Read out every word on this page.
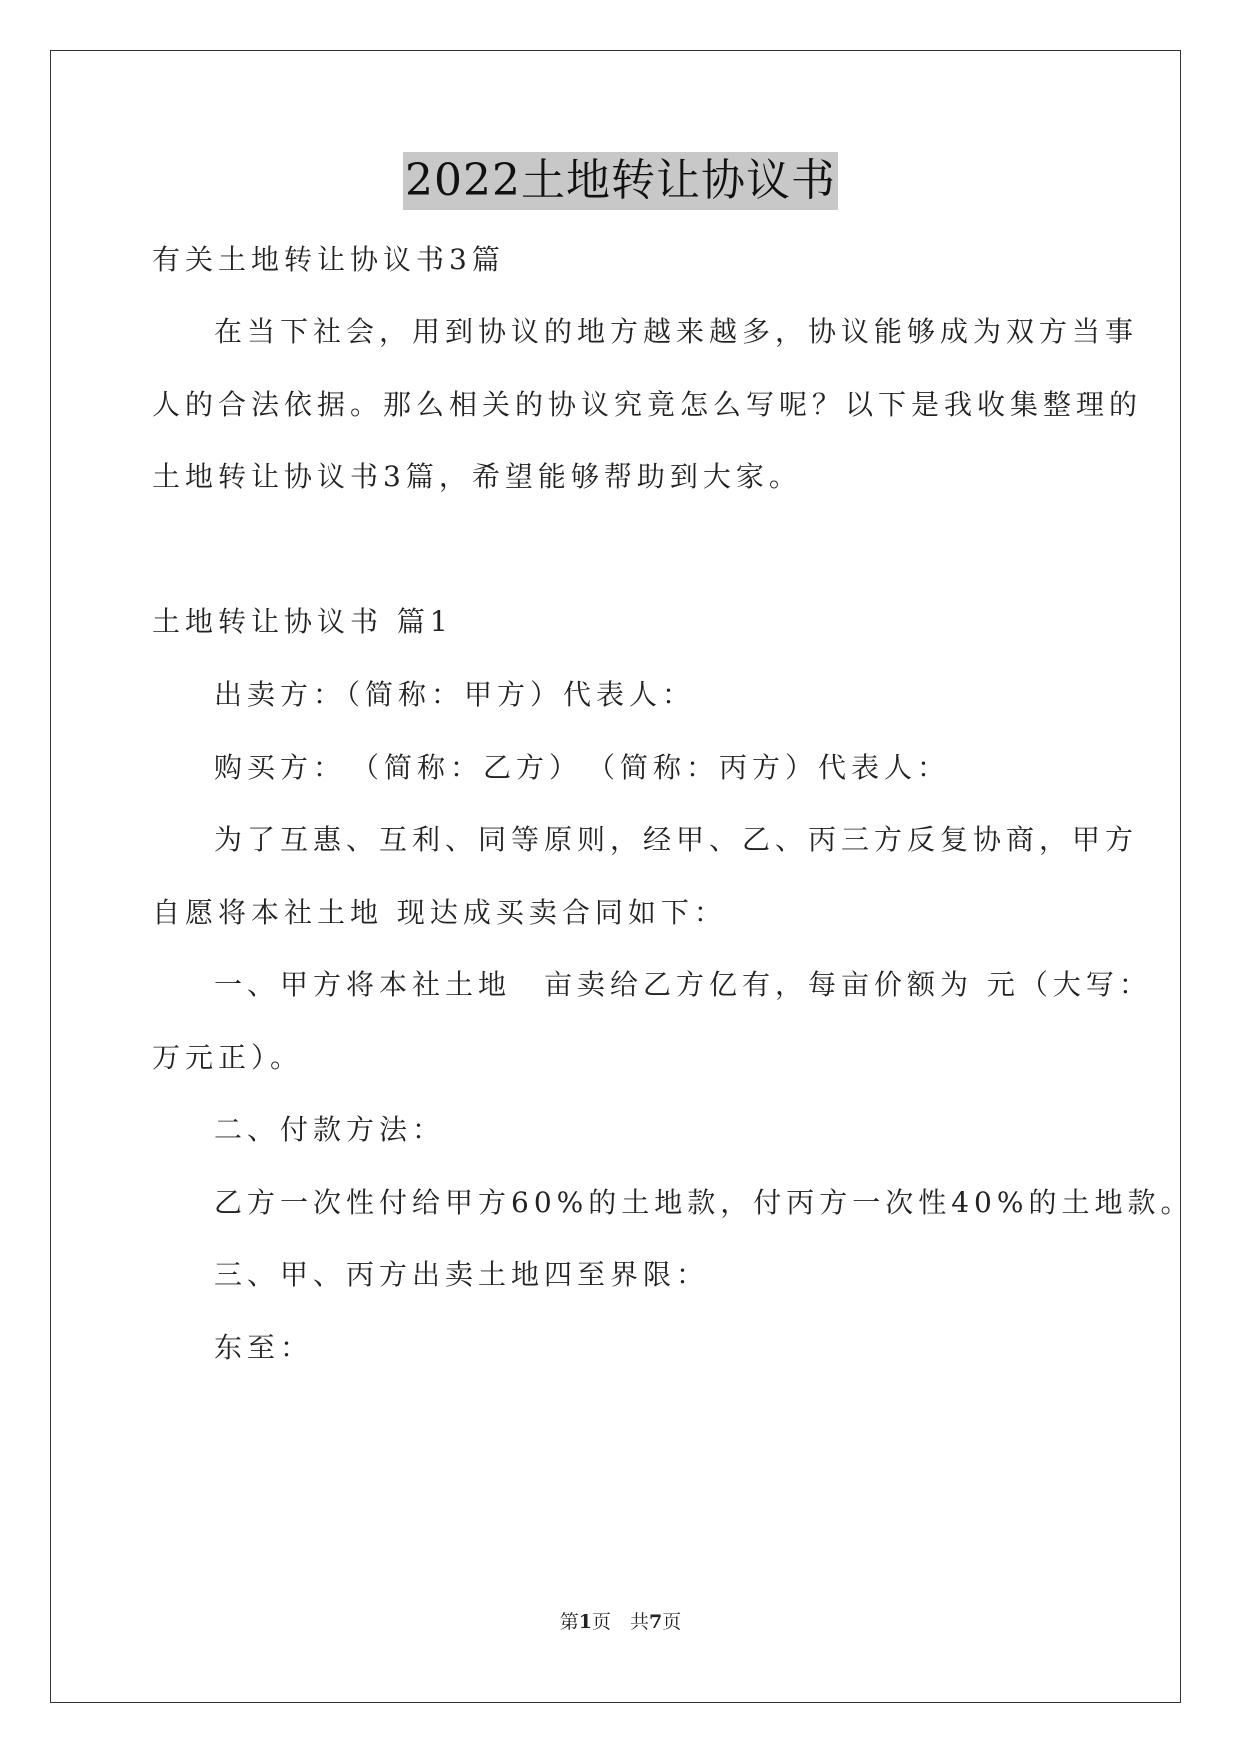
2022土地转让协议书
有关土地转让协议书3篇
在当下社会，用到协议的地方越来越多，协议能够成为双方当事
人的合法依据。那么相关的协议究竟怎么写呢？以下是我收集整理的
土地转让协议书3篇，希望能够帮助到大家。
土地转让协议书 篇1
出卖方：（简称：甲方）代表人：
购买方：　（简称：乙方）　（简称：丙方）代表人：
为了互惠、互利、同等原则，经甲、乙、丙三方反复协商，甲方
自愿将本社土地 现达成买卖合同如下：
一、甲方将本社土地　亩卖给乙方亿有，每亩价额为 元（大写：
万元正）。
二、付款方法：
乙方一次性付给甲方60%的土地款，付丙方一次性40%的土地款。
三、甲、丙方出卖土地四至界限：
东至：
第1页　共7页
